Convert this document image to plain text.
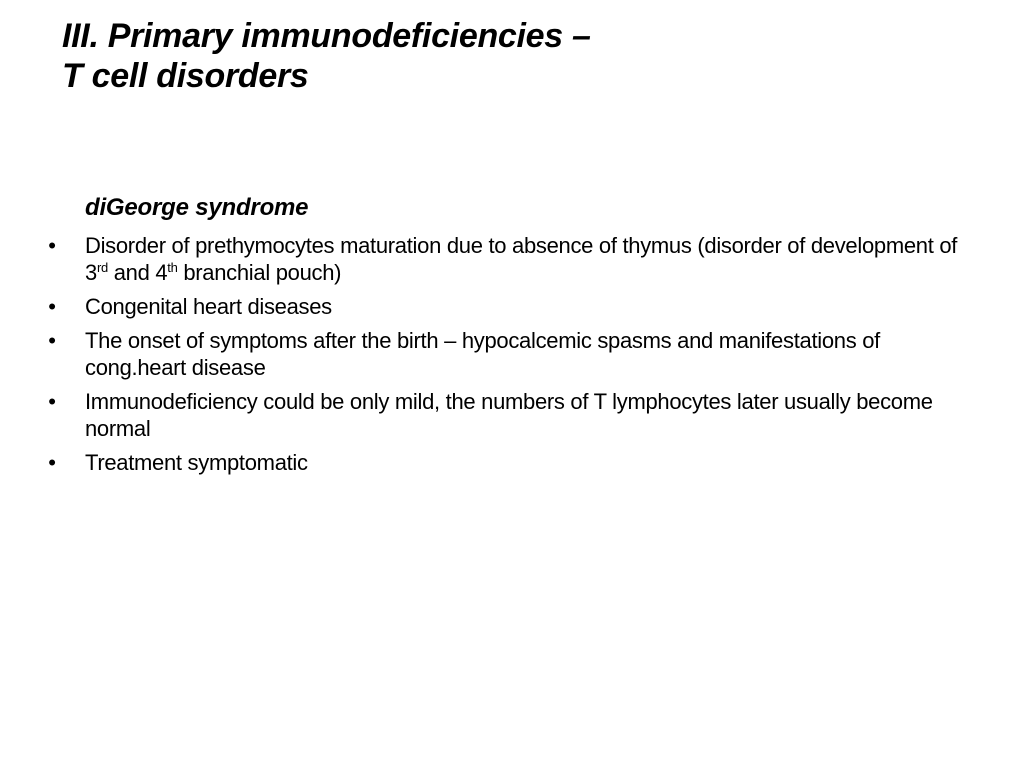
III. Primary immunodeficiencies –
T cell disorders

diGeorge syndrome

• Disorder of prethymocytes maturation due to absence of thymus (disorder of development of 3rd and 4th branchial pouch)
• Congenital heart diseases
• The onset of symptoms after the birth – hypocalcemic spasms and manifestations of cong.heart disease
• Immunodeficiency could be only mild, the numbers of T lymphocytes later usually become normal
• Treatment symptomatic
